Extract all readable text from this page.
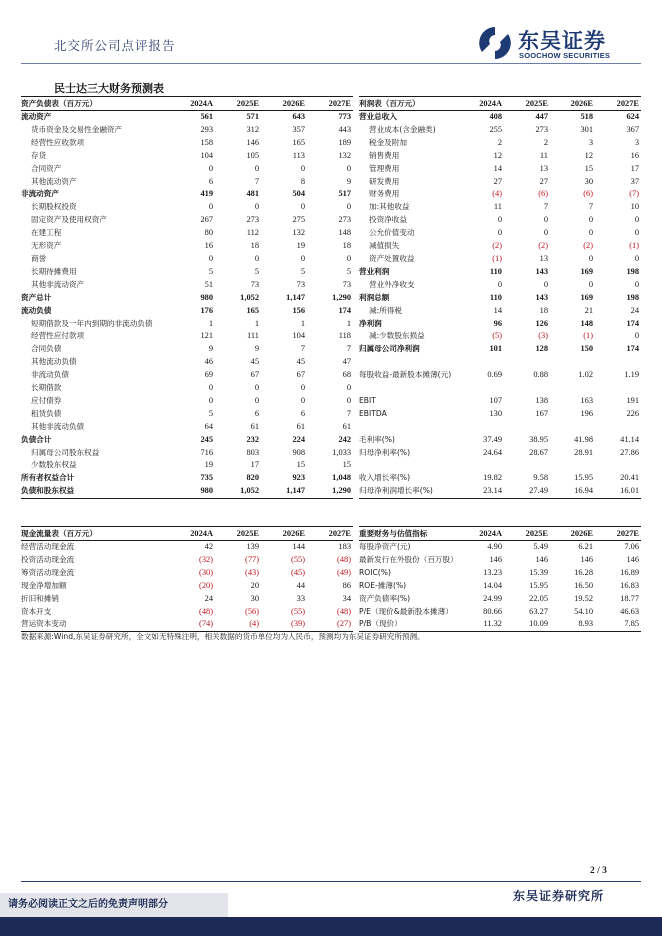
北交所公司点评报告	东吴证券
SOOCHOW SECURITIES
民士达三大财务预测表
资产负债表（百万元）	2024A	2025E	2026E	2027E
流动资产	561	571	643	773
货币资金及交易性金融资产	293	312	357	443
经营性应收款项	158	146	165	189
存货	104	105	113	132
合同资产	0	0	0	0
其他流动资产	6	7	8	9
非流动资产	419	481	504	517
长期股权投资	0	0	0	0
固定资产及使用权资产	267	273	275	273
在建工程	80	112	132	148
无形资产	16	18	19	18
商誉	0	0	0	0
长期待摊费用	5	5	5	5
其他非流动资产	51	73	73	73
资产总计	980	1,052	1,147	1,290
流动负债	176	165	156	174
短期借款及一年内到期的非流动负债	1	1	1	1
经营性应付款项	121	111	104	118
合同负债	9	9	7	7
其他流动负债	46	45	45	47
非流动负债	69	67	67	68
长期借款	0	0	0	0
应付债券	0	0	0	0
租赁负债	5	6	6	7
其他非流动负债	64	61	61	61
负债合计	245	232	224	242
归属母公司股东权益	716	803	908	1,033
少数股东权益	19	17	15	15
所有者权益合计	735	820	923	1,048
负债和股东权益	980	1,052	1,147	1,290
利润表（百万元）	2024A	2025E	2026E	2027E
营业总收入	408	447	518	624
营业成本(含金融类)	255	273	301	367
税金及附加	2	2	3	3
销售费用	12	11	12	16
管理费用	14	13	15	17
研发费用	27	27	30	37
财务费用	(4)	(6)	(6)	(7)
加:其他收益	11	7	7	10
投资净收益	0	0	0	0
公允价值变动	0	0	0	0
减值损失	(2)	(2)	(2)	(1)
资产处置收益	(1)	13	0	0
营业利润	110	143	169	198
营业外净收支	0	0	0	0
利润总额	110	143	169	198
减:所得税	14	18	21	24
净利润	96	126	148	174
减:少数股东损益	(5)	(3)	(1)	0
归属母公司净利润	101	128	150	174

每股收益-最新股本摊薄(元)	0.69	0.88	1.02	1.19

EBIT	107	138	163	191
EBITDA	130	167	196	226

毛利率(%)	37.49	38.95	41.98	41.14
归母净利率(%)	24.64	28.67	28.91	27.86

收入增长率(%)	19.82	9.58	15.95	20.41
归母净利润增长率(%)	23.14	27.49	16.94	16.01
现金流量表（百万元）	2024A	2025E	2026E	2027E
经营活动现金流	42	139	144	183
投资活动现金流	(32)	(77)	(55)	(48)
筹资活动现金流	(30)	(43)	(45)	(49)
现金净增加额	(20)	20	44	86
折旧和摊销	24	30	33	34
资本开支	(48)	(56)	(55)	(48)
营运资本变动	(74)	(4)	(39)	(27)
重要财务与估值指标	2024A	2025E	2026E	2027E
每股净资产(元)	4.90	5.49	6.21	7.06
最新发行在外股份（百万股）	146	146	146	146
ROIC(%)	13.23	15.39	16.28	16.89
ROE-摊薄(%)	14.04	15.95	16.50	16.83
资产负债率(%)	24.99	22.05	19.52	18.77
P/E（现价&最新股本摊薄）	80.66	63.27	54.10	46.63
P/B（现价）	11.32	10.09	8.93	7.85
数据来源:Wind,东吴证券研究所，全文如无特殊注明，相关数据的货币单位均为人民币，预测均为东吴证券研究所预测。
2 / 3
请务必阅读正文之后的免责声明部分
东吴证券研究所
